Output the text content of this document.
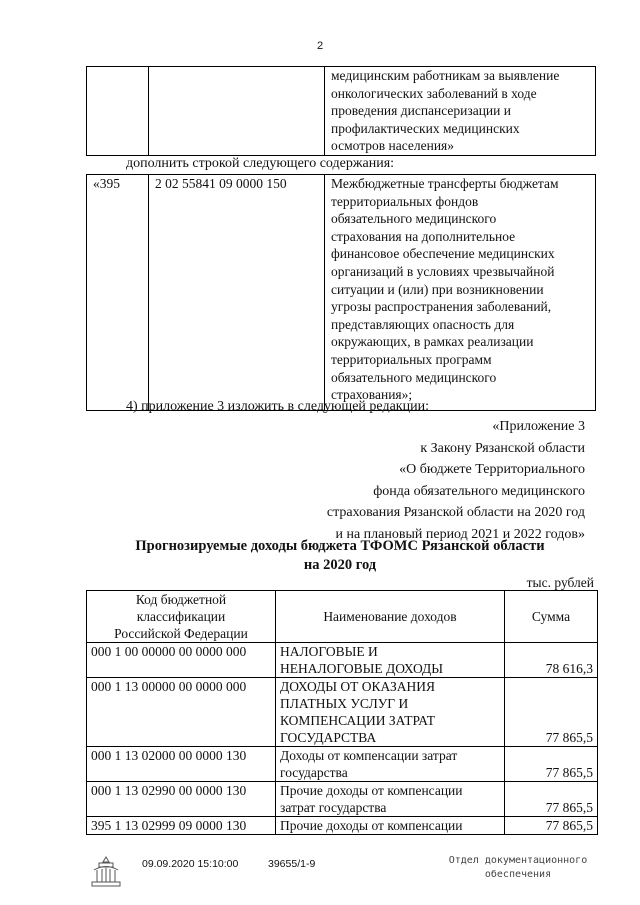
2

медицинским работникам за выявление
онкологических заболеваний в ходе
проведения диспансеризации и
профилактических медицинских
осмотров населения»
дополнить строкой следующего содержания:
«395	2 02 55841 09 0000 150	Межбюджетные трансферты бюджетам
территориальных фондов
обязательного медицинского
страхования на дополнительное
финансовое обеспечение медицинских
организаций в условиях чрезвычайной
ситуации и (или) при возникновении
угрозы распространения заболеваний,
представляющих опасность для
окружающих, в рамках реализации
территориальных программ
обязательного медицинского
страхования»;
4) приложение 3 изложить в следующей редакции:
«Приложение 3
к Закону Рязанской области
«О бюджете Территориального
фонда обязательного медицинского
страхования Рязанской области на 2020 год
и на плановый период 2021 и 2022 годов»
Прогнозируемые доходы бюджета ТФОМС Рязанской области
на 2020 год
тыс. рублей
Код бюджетной
классификации
Российской Федерации	Наименование доходов	Сумма
000 1 00 00000 00 0000 000	НАЛОГОВЫЕ И
НЕНАЛОГОВЫЕ ДОХОДЫ	78 616,3
000 1 13 00000 00 0000 000	ДОХОДЫ ОТ ОКАЗАНИЯ
ПЛАТНЫХ УСЛУГ И
КОМПЕНСАЦИИ ЗАТРАТ
ГОСУДАРСТВА	77 865,5
000 1 13 02000 00 0000 130	Доходы от компенсации затрат
государства	77 865,5
000 1 13 02990 00 0000 130	Прочие доходы от компенсации
затрат государства	77 865,5
395 1 13 02999 09 0000 130	Прочие доходы от компенсации	77 865,5
09.09.2020 15:10:00	39655/1-9	Отдел документационного
обеспечения
